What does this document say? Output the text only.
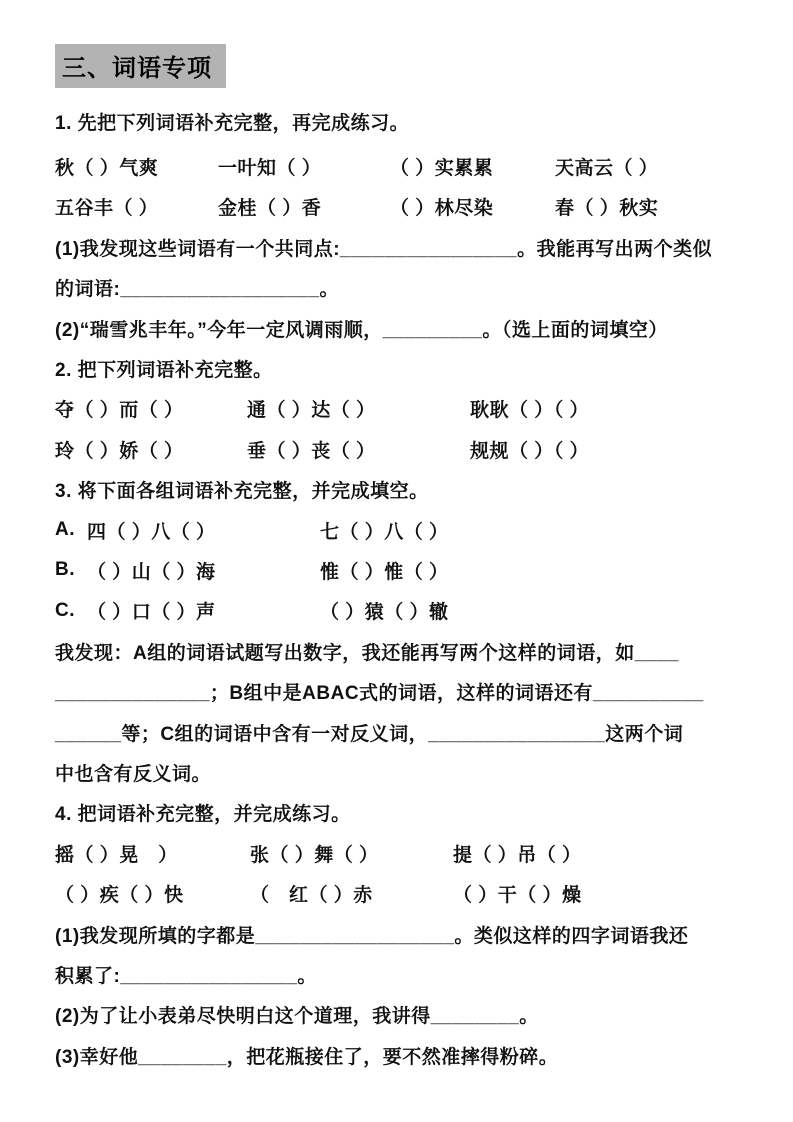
三、词语专项
1. 先把下列词语补充完整，再完成练习。
秋（ ）气爽	一叶知（ ）	（ ）实累累	天高云（ ）
五谷丰（ ）	金桂（ ）香	（ ）林尽染	春（ ）秋实
(1)我发现这些词语有一个共同点:________________。我能再写出两个类似
的词语:__________________。
(2)“瑞雪兆丰年。”今年一定风调雨顺，_________。（选上面的词填空）
2. 把下列词语补充完整。
夺（ ）而（ ）	通（ ）达（ ）	耿耿（ ）（ ）
玲（ ）娇（ ）	垂（ ）丧（ ）	规规（ ）（ ）
3. 将下面各组词语补充完整，并完成填空。
A. 四（ ）八（ ）	七（ ）八（ ）
B. （ ）山（ ）海	惟（ ）惟（ ）
C. （ ）口（ ）声	（ ）猿（ ）辙
我发现：A组的词语试题写出数字，我还能再写两个这样的词语，如____
______________；B组中是ABAC式的词语，这样的词语还有__________
______等；C组的词语中含有一对反义词，________________这两个词
中也含有反义词。
4. 把词语补充完整，并完成练习。
摇（ ）晃　）	张（ ）舞（ ）	提（ ）吊（ ）
（ ）疾（ ）快	（　红（ ）赤	（ ）干（ ）燥
(1)我发现所填的字都是__________________。类似这样的四字词语我还
积累了:________________。
(2)为了让小表弟尽快明白这个道理，我讲得________。
(3)幸好他________，把花瓶接住了，要不然准摔得粉碎。
